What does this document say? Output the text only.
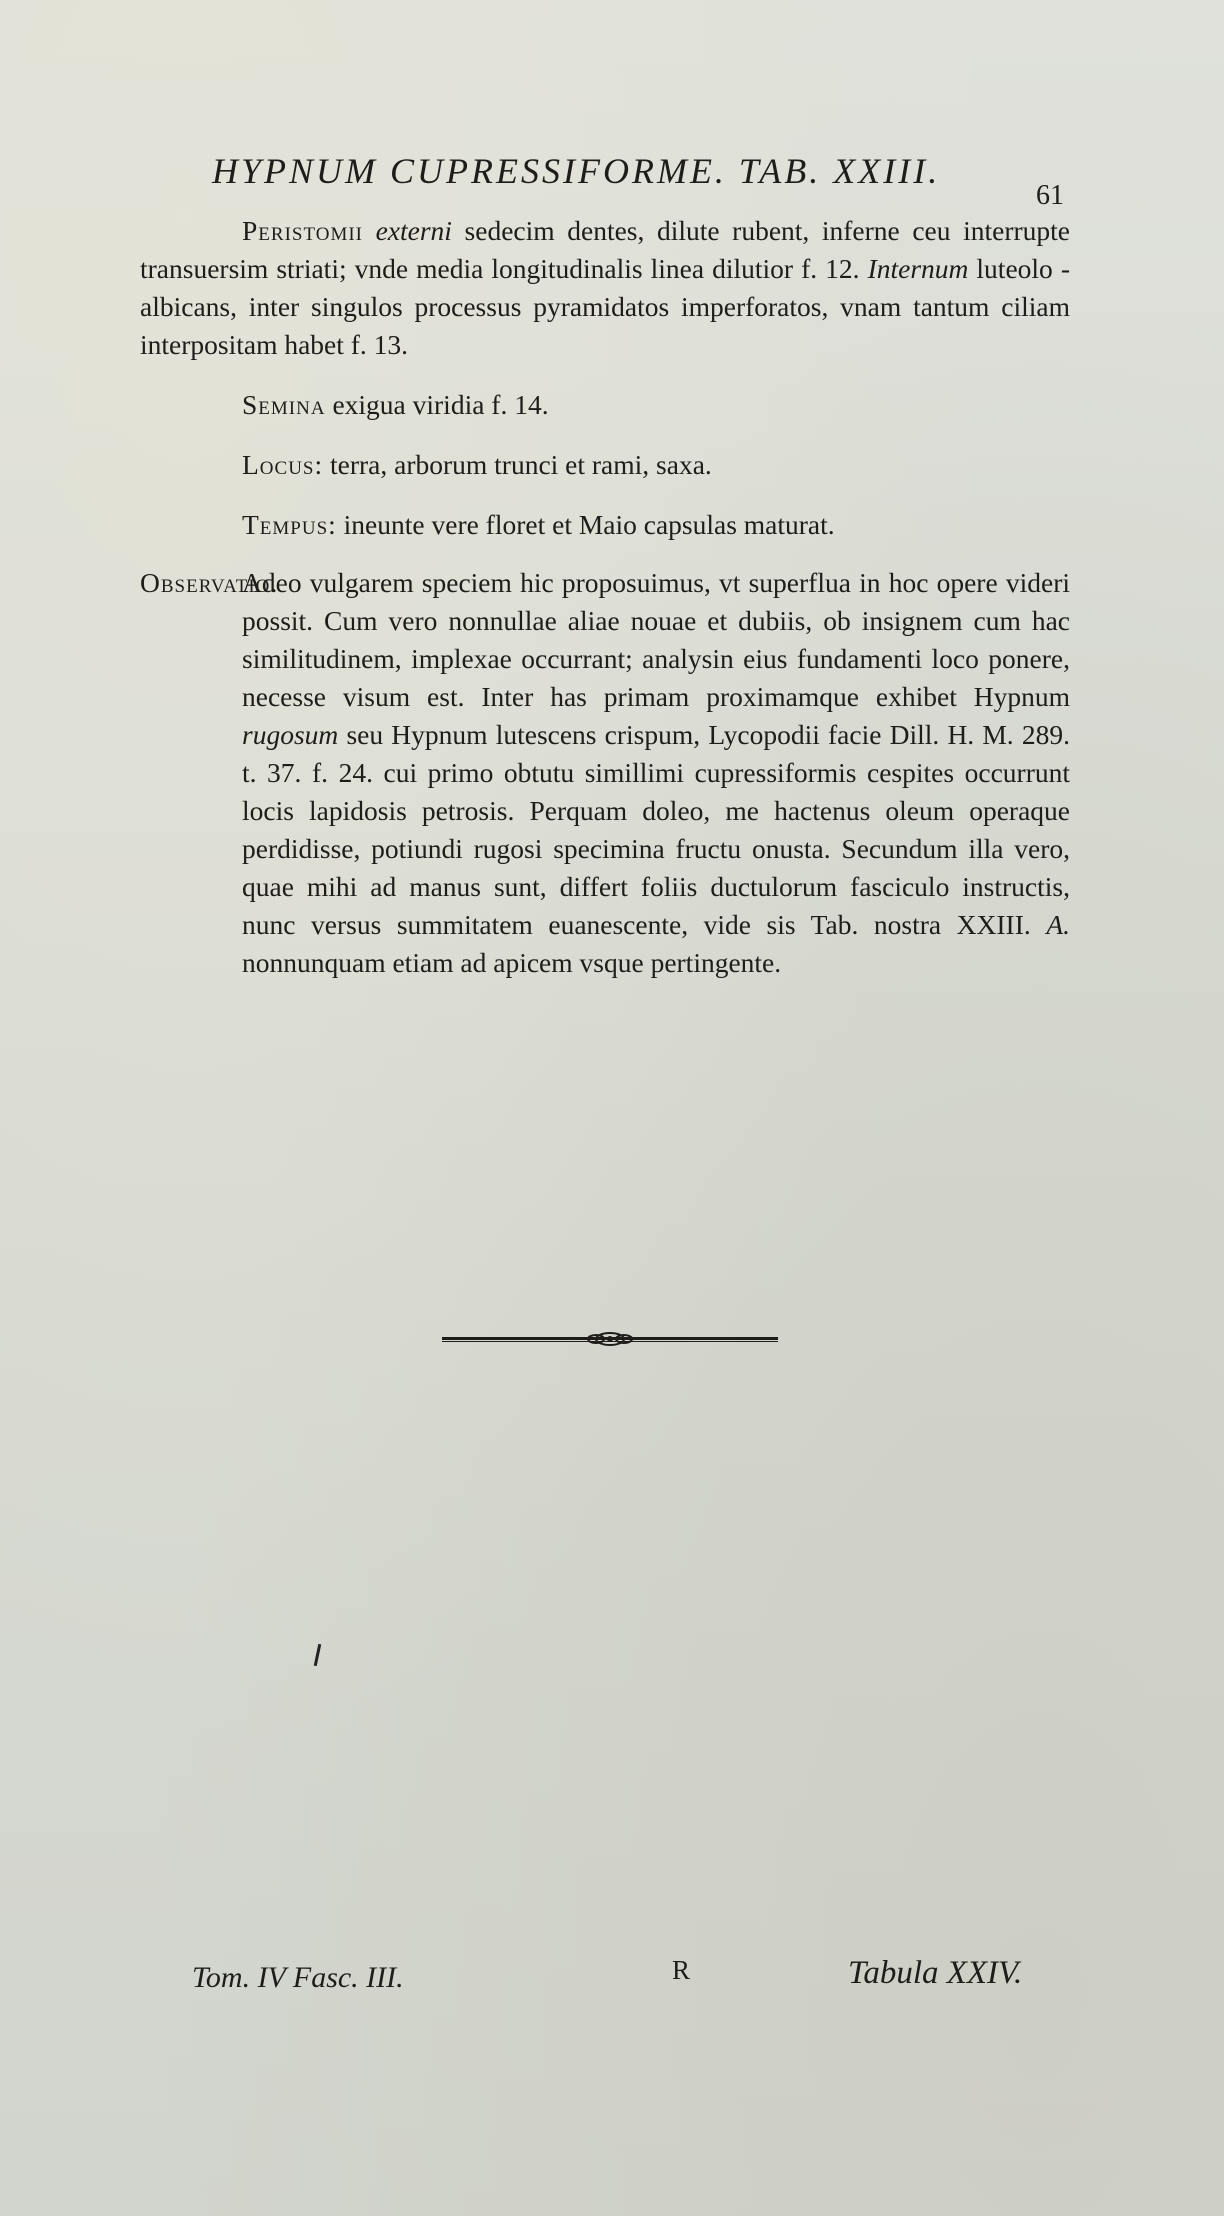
HYPNUM CUPRESSIFORME. TAB. XXIII.
61

Peristomii externi sedecim dentes, dilute rubent, inferne ceu interrupte transuersim striati; vnde media longitudinalis linea dilutior f. 12. Internum luteolo - albicans, inter singulos processus pyramidatos imperforatos, vnam tantum ciliam interpositam habet f. 13.

Semina exigua viridia f. 14.

Locus: terra, arborum trunci et rami, saxa.

Tempus: ineunte vere floret et Maio capsulas maturat.

Observatio.

Adeo vulgarem speciem hic proposuimus, vt superflua in hoc opere videri possit. Cum vero nonnullae aliae nouae et dubiis, ob insignem cum hac similitudinem, implexae occurrant; analysin eius fundamenti loco ponere, necesse visum est. Inter has primam proximamque exhibet Hypnum rugosum seu Hypnum lutescens crispum, Lycopodii facie Dill. H. M. 289. t. 37. f. 24. cui primo obtutu simillimi cupressiformis cespites occurrunt locis lapidosis petrosis. Perquam doleo, me hactenus oleum operaque perdidisse, potiundi rugosi specimina fructu onusta. Secundum illa vero, quae mihi ad manus sunt, differt foliis ductulorum fasciculo instructis, nunc versus summitatem euanescente, vide sis Tab. nostra XXIII. A. nonnunquam etiam ad apicem vsque pertingente.

Tom. IV Fasc. III.	R	Tabula XXIV.
